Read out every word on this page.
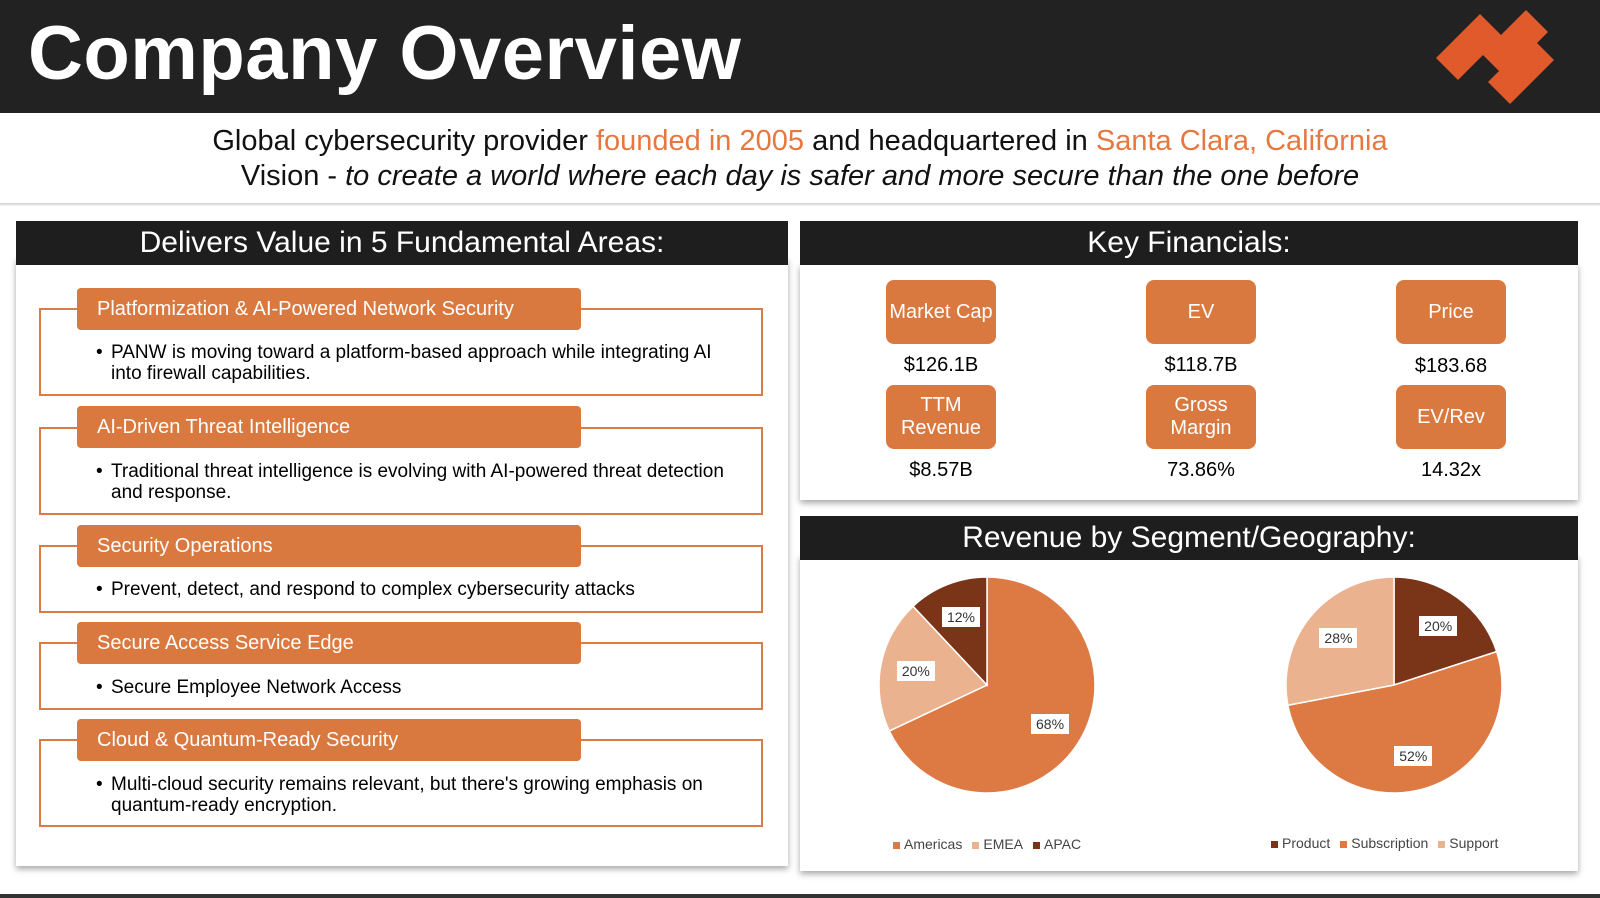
Company Overview
Global cybersecurity provider founded in 2005 and headquartered in Santa Clara, California
Vision - to create a world where each day is safer and more secure than the one before
Delivers Value in 5 Fundamental Areas:
Platformization & AI-Powered Network Security
• PANW is moving toward a platform-based approach while integrating AI into firewall capabilities.
AI-Driven Threat Intelligence
• Traditional threat intelligence is evolving with AI-powered threat detection and response.
Security Operations
• Prevent, detect, and respond to complex cybersecurity attacks
Secure Access Service Edge
• Secure Employee Network Access
Cloud & Quantum-Ready Security
• Multi-cloud security remains relevant, but there's growing emphasis on quantum-ready encryption.
Key Financials:
Market Cap
$126.1B
EV
$118.7B
Price
$183.68
TTM Revenue
$8.57B
Gross Margin
73.86%
EV/Rev
14.32x
Revenue by Segment/Geography:
68%
20%
12%
20%
52%
28%
Americas EMEA APAC	Product Subscription Support
